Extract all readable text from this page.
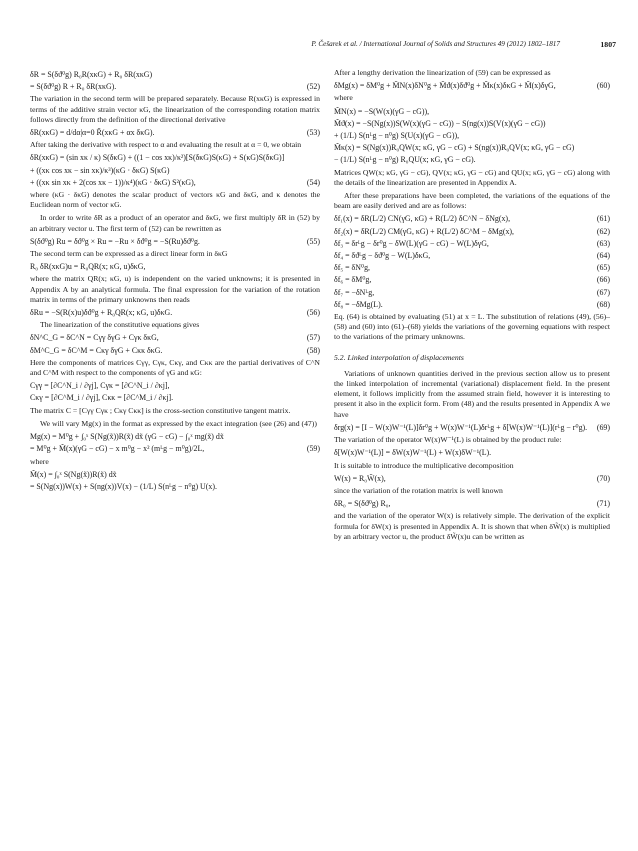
P. Češarek et al. / International Journal of Solids and Structures 49 (2012) 1802–1817	1807
δR = S(δϑ⁰g) R₀R(xκG) + R₀ δR(xκG)
= S(δϑ⁰g) R + R₀ δR(xκG).	(52)
The variation in the second term will be prepared separately. Because R(xκG) is expressed in terms of the additive strain vector κG, the linearization of the corresponding rotation matrix follows directly from the definition of the directional derivative
δR(xκG) = d/dα|α=0 R̃(xκG + αx δκG).	(53)
After taking the derivative with respect to α and evaluating the result at α = 0, we obtain
δR(xκG) = (sin xκ / κ) S(δκG) + ((1 − cos xκ)/κ²)[S(δκG)S(κG) + S(κG)S(δκG)]
+ ((xκ cos xκ − sin xκ)/κ³)(κG · δκG) S(κG)
+ ((xκ sin xκ + 2(cos xκ − 1))/κ⁴)(κG · δκG) S²(κG),	(54)
where (κG · δκG) denotes the scalar product of vectors κG and δκG, and κ denotes the Euclidean norm of vector κG.
In order to write δR as a product of an operator and δκG, we first multiply δR in (52) by an arbitrary vector u. The first term of (52) can be rewritten as
S(δϑ⁰g) Ru = δϑ⁰g × Ru = −Ru × δϑ⁰g = −S(Ru)δϑ⁰g.	(55)
The second term can be expressed as a direct linear form in δκG
R₀ δR(xκG)u = R₀QR(x; κG, u)δκG,
where the matrix QR(x; κG, u) is independent on the varied unknowns; it is presented in Appendix A by an analytical formula. The final expression for the variation of the rotation matrix in terms of the primary unknowns then reads
δRu = −S(R(x)u)δϑ⁰g + R₀QR(x; κG, u)δκG.	(56)
The linearization of the constitutive equations gives
δN^C_G = δC^N = Cγγ δγG + Cγκ δκG,	(57)
δM^C_G = δC^M = Cκγ δγG + Cκκ δκG.	(58)
Here the components of matrices Cγγ, Cγκ, Cκγ, and Cκκ are the partial derivatives of C^N and C^M with respect to the components of γG and κG:
Cγγ = [∂C^N_i / ∂γj], Cγκ = [∂C^N_i / ∂κj],
Cκγ = [∂C^M_i / ∂γj], Cκκ = [∂C^M_i / ∂κj].
The matrix C = [Cγγ Cγκ ; Cκγ Cκκ] is the cross-section constitutive tangent matrix.
We will vary Mg(x) in the format as expressed by the exact integration (see (26) and (47))
Mg(x) = M⁰g + ∫₀ˣ S(Ng(x̃))R(x̃) dx̃ (γG − cG) − ∫₀ˣ mg(x̃) dx̃
= M⁰g + M̃(x)(γG − cG) − x m⁰g − x² (mᴸg − m⁰g)/2L,	(59)
where
M̃(x) = ∫₀ˣ S(Ng(x̃))R(x̃) dx̃
= S(Ng(x))W(x) + S(ng(x))V(x) − (1/L) S(nᴸg − n⁰g) U(x).
After a lengthy derivation the linearization of (59) can be expressed as
δMg(x) = δM⁰g + M̃N(x)δN⁰g + M̃ϑ(x)δϑ⁰g + M̃κ(x)δκG + M̃(x)δγG,	(60)
where
M̃N(x) = −S(W(x)(γG − cG)),
M̃ϑ(x) = −S(Ng(x))S(W(x)(γG − cG)) − S(ng(x))S(V(x)(γG − cG))
+ (1/L) S(nᴸg − n⁰g) S(U(x)(γG − cG)),
M̃κ(x) = S(Ng(x))R₀QW(x; κG, γG − cG) + S(ng(x))R₀QV(x; κG, γG − cG)
− (1/L) S(nᴸg − n⁰g) R₀QU(x; κG, γG − cG).
Matrices QW(x; κG, γG − cG), QV(x; κG, γG − cG) and QU(x; κG, γG − cG) along with the details of the linearization are presented in Appendix A.
After these preparations have been completed, the variations of the equations of the beam are easily derived and are as follows:
δf₁(x) = δR(L/2) CN(γG, κG) + R(L/2) δC^N − δNg(x),	(61)
δf₂(x) = δR(L/2) CM(γG, κG) + R(L/2) δC^M − δMg(x),	(62)
δf₃ = δrᴸg − δr⁰g − δW(L)(γG − cG) − W(L)δγG,	(63)
δf₄ = δϑᴸg − δϑ⁰g − W(L)δκG,	(64)
δf₅ = δN⁰g,	(65)
δf₆ = δM⁰g,	(66)
δf₇ = −δNᴸg,	(67)
δf₈ = −δMg(L).	(68)
Eq. (64) is obtained by evaluating (51) at x = L. The substitution of relations (49), (56)–(58) and (60) into (61)–(68) yields the variations of the governing equations with respect to the variations of the primary unknowns.
5.2. Linked interpolation of displacements
Variations of unknown quantities derived in the previous section allow us to present the linked interpolation of incremental (variational) displacement field. In the present element, it follows implicitly from the assumed strain field, however it is interesting to present it also in the explicit form. From (48) and the results presented in Appendix A we have
δrg(x) = [I − W(x)W⁻¹(L)]δr⁰g + W(x)W⁻¹(L)δrᴸg + δ[W(x)W⁻¹(L)](rᴸg − r⁰g). (69)
The variation of the operator W(x)W⁻¹(L) is obtained by the product rule:
δ[W(x)W⁻¹(L)] = δW(x)W⁻¹(L) + W(x)δW⁻¹(L).
It is suitable to introduce the multiplicative decomposition
W(x) = R₀W̃(x),	(70)
since the variation of the rotation matrix is well known
δR₀ = S(δϑ⁰g) R₀,	(71)
and the variation of the operator W(x) is relatively simple. The derivation of the explicit formula for δW(x) is presented in Appendix A. It is shown that when δW̃(x) is multiplied by an arbitrary vector u, the product δW̃(x)u can be written as
